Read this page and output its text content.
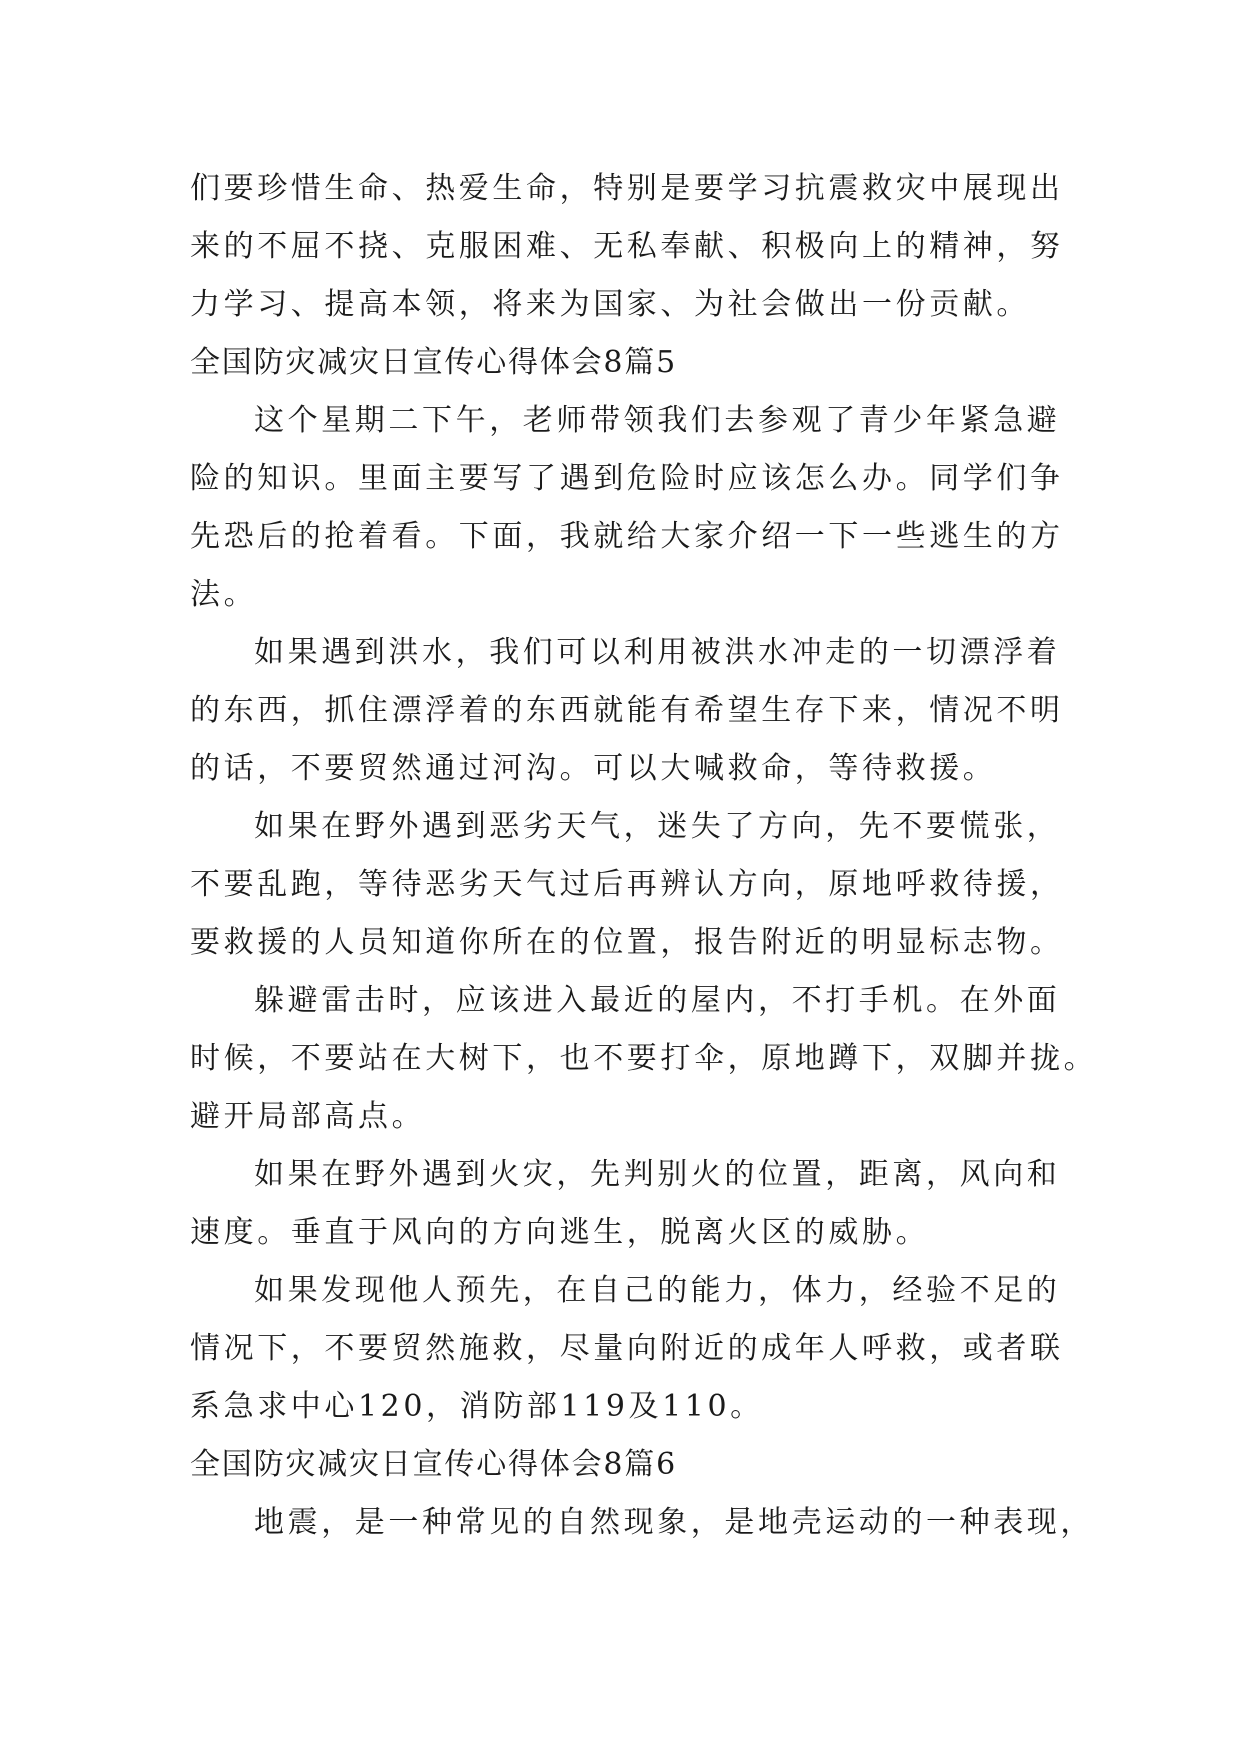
们要珍惜生命、热爱生命，特别是要学习抗震救灾中展现出
来的不屈不挠、克服困难、无私奉献、积极向上的精神，努
力学习、提高本领，将来为国家、为社会做出一份贡献。
全国防灾减灾日宣传心得体会8篇5
这个星期二下午，老师带领我们去参观了青少年紧急避
险的知识。里面主要写了遇到危险时应该怎么办。同学们争
先恐后的抢着看。下面，我就给大家介绍一下一些逃生的方
法。
如果遇到洪水，我们可以利用被洪水冲走的一切漂浮着
的东西，抓住漂浮着的东西就能有希望生存下来，情况不明
的话，不要贸然通过河沟。可以大喊救命，等待救援。
如果在野外遇到恶劣天气，迷失了方向，先不要慌张，
不要乱跑，等待恶劣天气过后再辨认方向，原地呼救待援，
要救援的人员知道你所在的位置，报告附近的明显标志物。
躲避雷击时，应该进入最近的屋内，不打手机。在外面
时候，不要站在大树下，也不要打伞，原地蹲下，双脚并拢。
避开局部高点。
如果在野外遇到火灾，先判别火的位置，距离，风向和
速度。垂直于风向的方向逃生，脱离火区的威胁。
如果发现他人预先，在自己的能力，体力，经验不足的
情况下，不要贸然施救，尽量向附近的成年人呼救，或者联
系急求中心120，消防部119及110。
全国防灾减灾日宣传心得体会8篇6
地震，是一种常见的自然现象，是地壳运动的一种表现，
